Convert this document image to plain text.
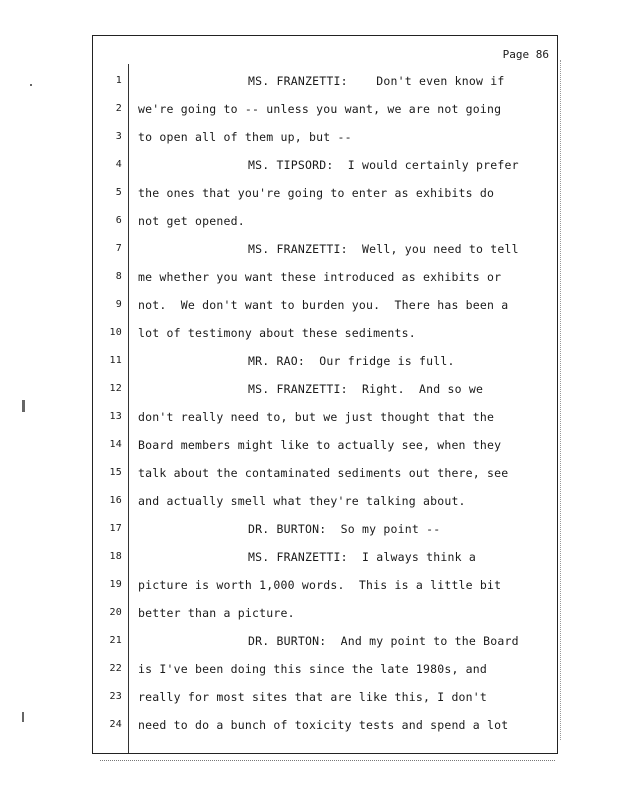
Page 86
1	MS. FRANZETTI:    Don't even know if
2 we're going to -- unless you want, we are not going
3 to open all of them up, but --
4	MS. TIPSORD:  I would certainly prefer
5 the ones that you're going to enter as exhibits do
6 not get opened.
7	MS. FRANZETTI:  Well, you need to tell
8 me whether you want these introduced as exhibits or
9 not.  We don't want to burden you.  There has been a
10 lot of testimony about these sediments.
11	MR. RAO:  Our fridge is full.
12	MS. FRANZETTI:  Right.  And so we
13 don't really need to, but we just thought that the
14 Board members might like to actually see, when they
15 talk about the contaminated sediments out there, see
16 and actually smell what they're talking about.
17	DR. BURTON:  So my point --
18	MS. FRANZETTI:  I always think a
19 picture is worth 1,000 words.  This is a little bit
20 better than a picture.
21	DR. BURTON:  And my point to the Board
22 is I've been doing this since the late 1980s, and
23 really for most sites that are like this, I don't
24 need to do a bunch of toxicity tests and spend a lot
